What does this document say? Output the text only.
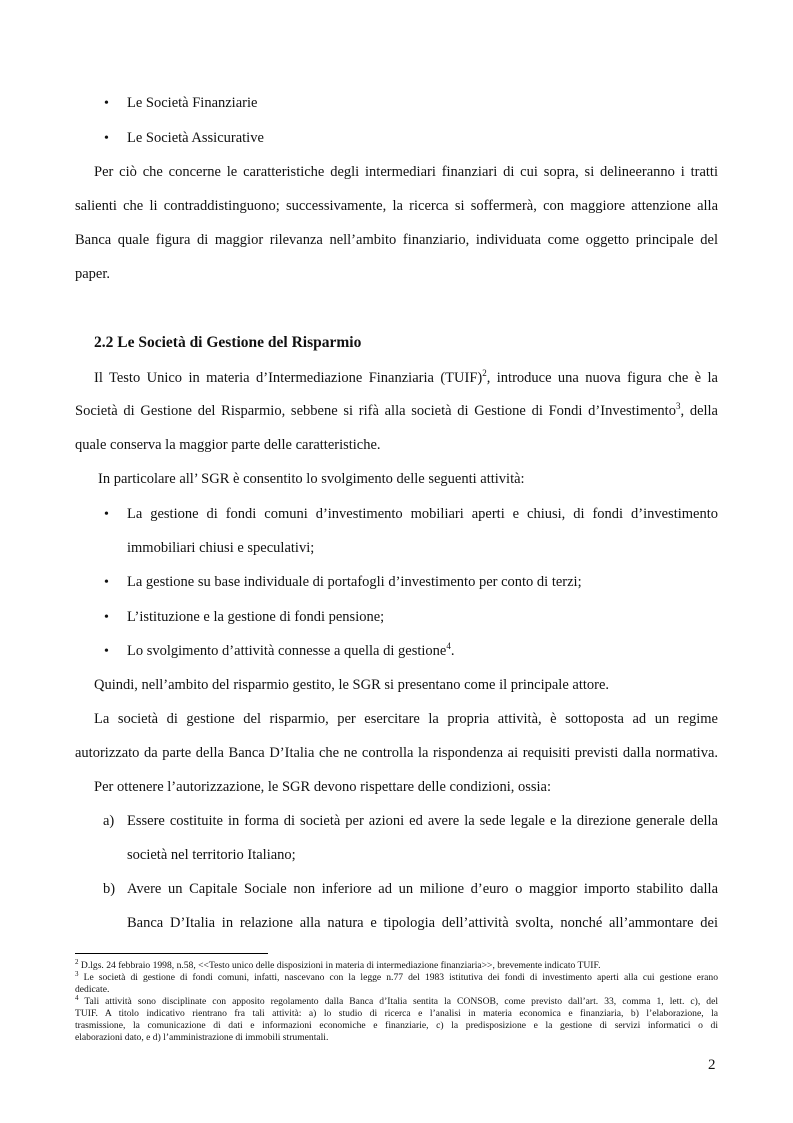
• Le Società Finanziarie
• Le Società Assicurative
Per ciò che concerne le caratteristiche degli intermediari finanziari di cui sopra, si delineeranno i tratti
salienti che li contraddistinguono; successivamente, la ricerca si soffermerà, con maggiore attenzione alla
Banca quale figura di maggior rilevanza nell’ambito finanziario, individuata come oggetto principale del
paper.
2.2 Le Società di Gestione del Risparmio
Il Testo Unico in materia d’Intermediazione Finanziaria (TUIF)$^2$, introduce una nuova figura che è la
Società di Gestione del Risparmio, sebbene si rifà alla società di Gestione di Fondi d’Investimento$^3$, della
quale conserva la maggior parte delle caratteristiche.
In particolare all’ SGR è consentito lo svolgimento delle seguenti attività:
• La gestione di fondi comuni d’investimento mobiliari aperti e chiusi, di fondi d’investimento
immobiliari chiusi e speculativi;
• La gestione su base individuale di portafogli d’investimento per conto di terzi;
• L’istituzione e la gestione di fondi pensione;
• Lo svolgimento d’attività connesse a quella di gestione$^4$.
Quindi, nell’ambito del risparmio gestito, le SGR si presentano come il principale attore.
La società di gestione del risparmio, per esercitare la propria attività, è sottoposta ad un regime
autorizzato da parte della Banca D’Italia che ne controlla la rispondenza ai requisiti previsti dalla normativa.
Per ottenere l’autorizzazione, le SGR devono rispettare delle condizioni, ossia:
a) Essere costituite in forma di società per azioni ed avere la sede legale e la direzione generale della
società nel territorio Italiano;
b) Avere un Capitale Sociale non inferiore ad un milione d’euro o maggior importo stabilito dalla
Banca D’Italia in relazione alla natura e tipologia dell’attività svolta, nonché all’ammontare dei
$^2$ D.lgs. 24 febbraio 1998, n.58, <<Testo unico delle disposizioni in materia di intermediazione finanziaria>>, brevemente indicato TUIF.
$^3$ Le società di gestione di fondi comuni, infatti, nascevano con la legge n.77 del 1983 istitutiva dei fondi di investimento aperti alla cui gestione erano
dedicate.
$^4$ Tali attività sono disciplinate con apposito regolamento dalla Banca d’Italia sentita la CONSOB, come previsto dall’art. 33, comma 1, lett. c), del
TUIF. A titolo indicativo rientrano fra tali attività: a) lo studio di ricerca e l’analisi in materia economica e finanziaria, b) l’elaborazione, la
trasmissione, la comunicazione di dati e informazioni economiche e finanziarie, c) la predisposizione e la gestione di servizi informatici o di
elaborazioni dato, e d) l’amministrazione di immobili strumentali.
2
